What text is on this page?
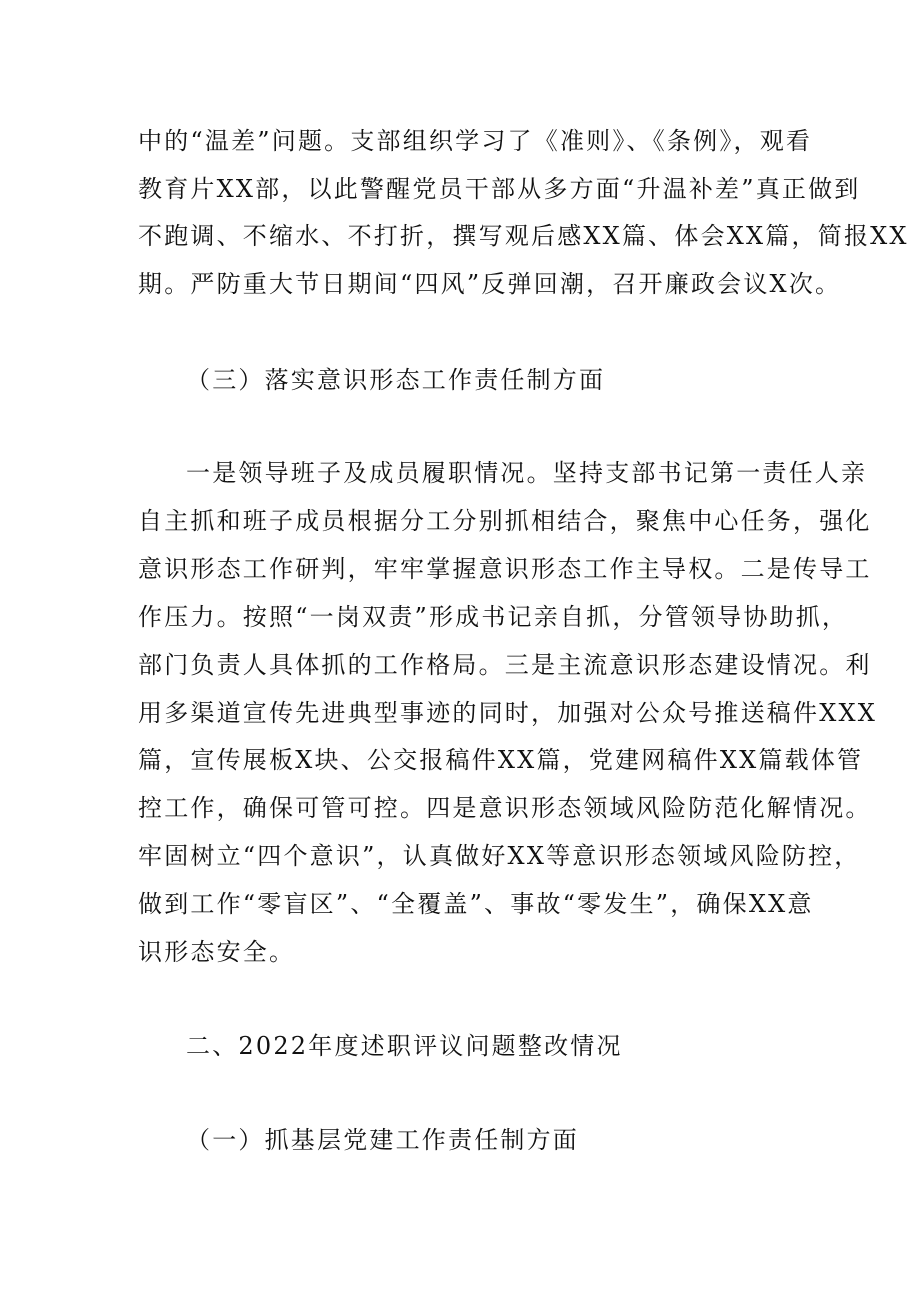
中的“温差”问题。支部组织学习了《准则》、《条例》，观看
教育片XX部，以此警醒党员干部从多方面“升温补差”真正做到
不跑调、不缩水、不打折，撰写观后感XX篇、体会XX篇，简报XX
期。严防重大节日期间“四风”反弹回潮，召开廉政会议X次。
（三）落实意识形态工作责任制方面
一是领导班子及成员履职情况。坚持支部书记第一责任人亲
自主抓和班子成员根据分工分别抓相结合，聚焦中心任务，强化
意识形态工作研判，牢牢掌握意识形态工作主导权。二是传导工
作压力。按照“一岗双责”形成书记亲自抓，分管领导协助抓，
部门负责人具体抓的工作格局。三是主流意识形态建设情况。利
用多渠道宣传先进典型事迹的同时，加强对公众号推送稿件XXX
篇，宣传展板X块、公交报稿件XX篇，党建网稿件XX篇载体管
控工作，确保可管可控。四是意识形态领域风险防范化解情况。
牢固树立“四个意识”，认真做好XX等意识形态领域风险防控，
做到工作“零盲区”、“全覆盖”、事故“零发生”，确保XX意
识形态安全。
二、2022年度述职评议问题整改情况
（一）抓基层党建工作责任制方面
